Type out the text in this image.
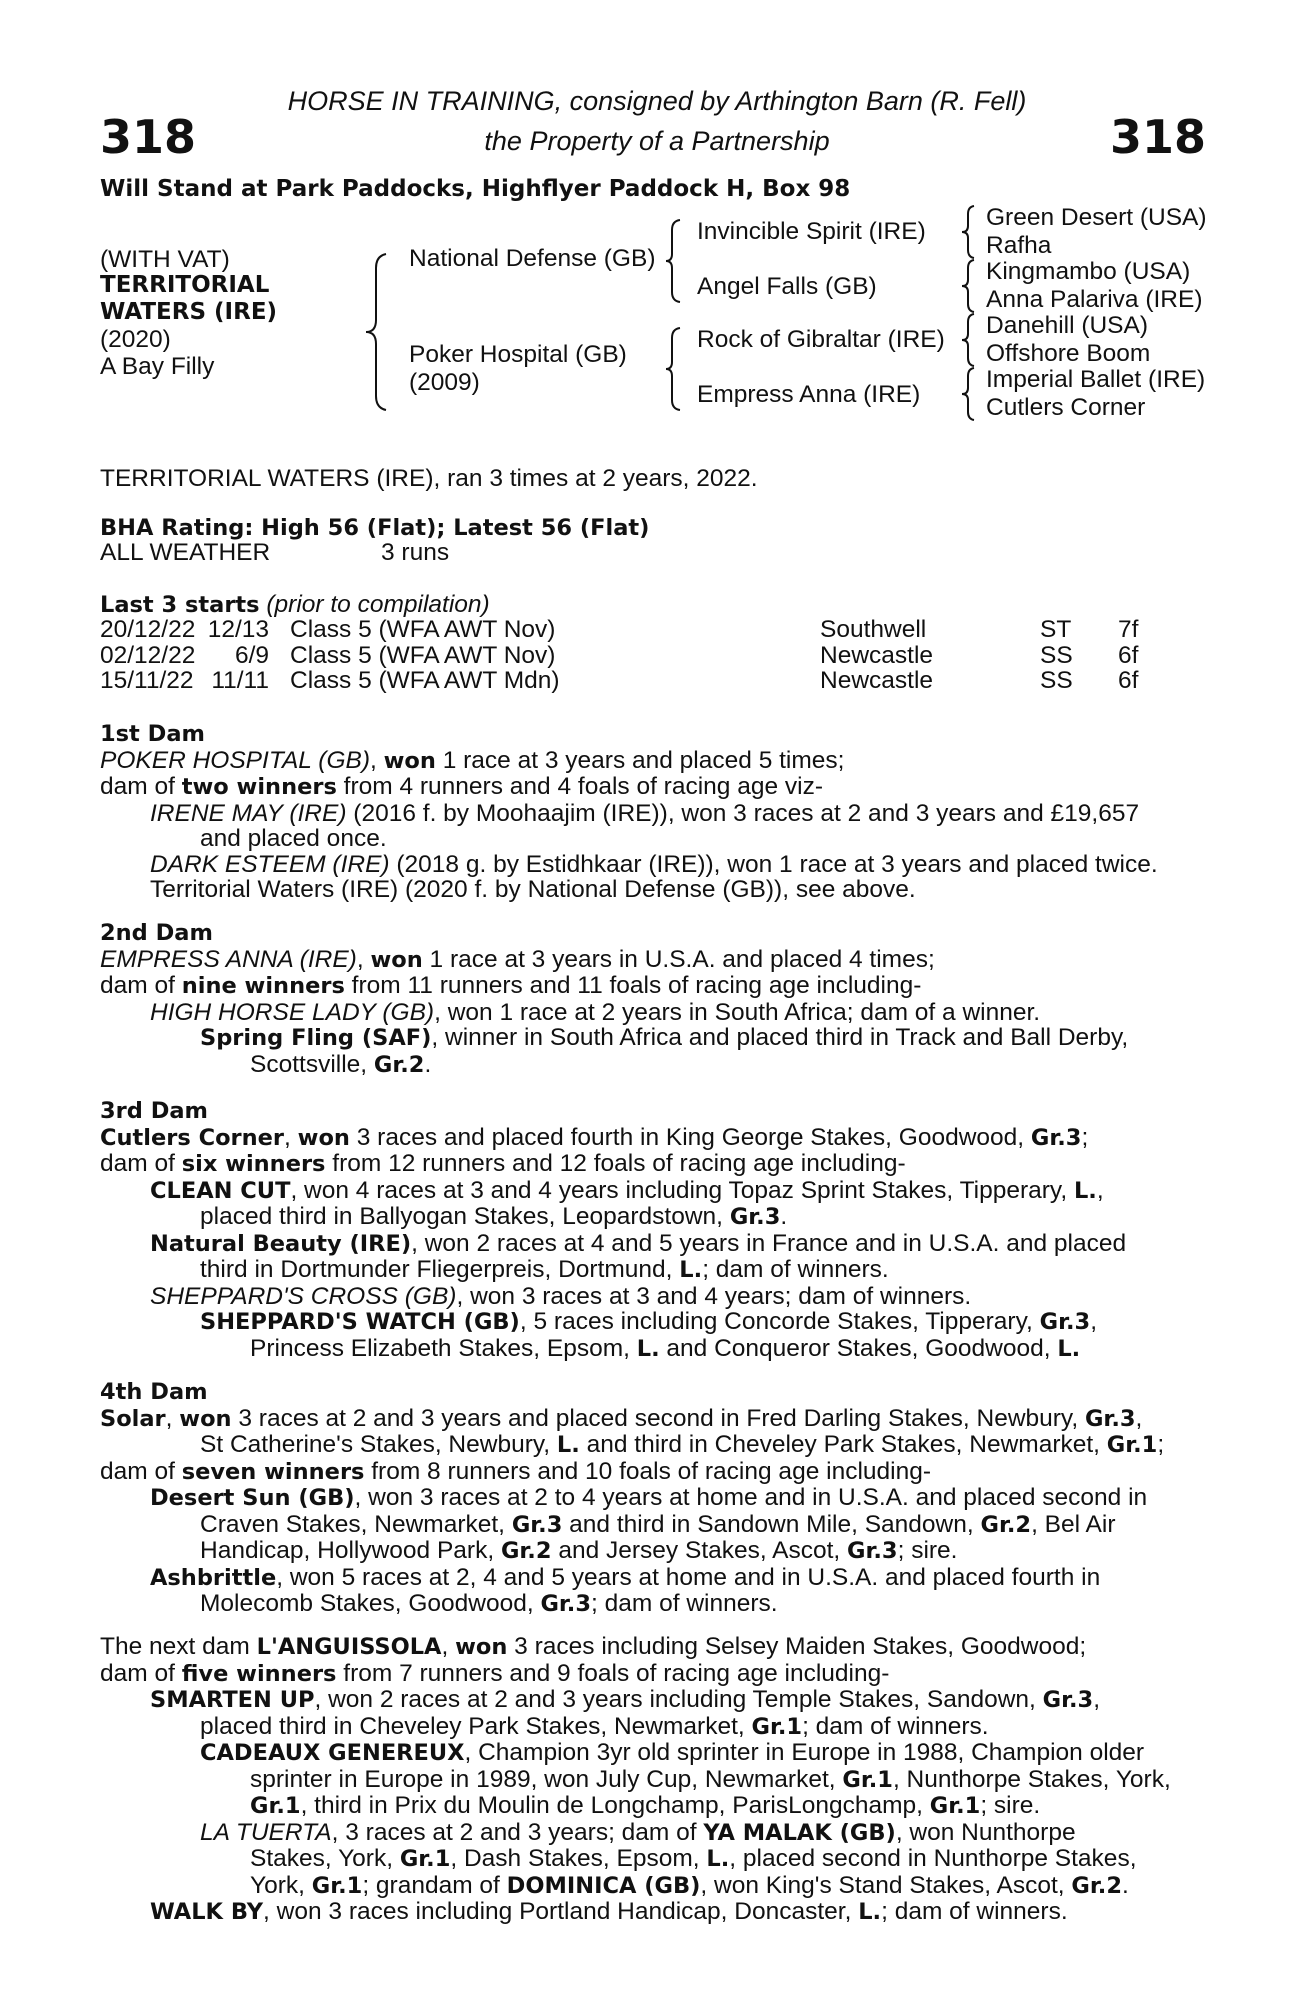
318	318
HORSE IN TRAINING, consigned by Arthington Barn (R. Fell)
the Property of a Partnership
Will Stand at Park Paddocks, Highflyer Paddock H, Box 98
(WITH VAT)
TERRITORIAL
WATERS (IRE)
(2020)
A Bay Filly
National Defense (GB)
Poker Hospital (GB)
(2009)
Invincible Spirit (IRE)
Angel Falls (GB)
Rock of Gibraltar (IRE)
Empress Anna (IRE)
Green Desert (USA)
Rafha
Kingmambo (USA)
Anna Palariva (IRE)
Danehill (USA)
Offshore Boom
Imperial Ballet (IRE)
Cutlers Corner
TERRITORIAL WATERS (IRE), ran 3 times at 2 years, 2022.
BHA Rating: High 56 (Flat); Latest 56 (Flat)
ALL WEATHER	3 runs
Last 3 starts (prior to compilation)
20/12/22 12/13 Class 5 (WFA AWT Nov)	Southwell	ST 7f
02/12/22 6/9 Class 5 (WFA AWT Nov)	Newcastle	SS 6f
15/11/22 11/11 Class 5 (WFA AWT Mdn)	Newcastle	SS 6f
1st Dam
POKER HOSPITAL (GB), won 1 race at 3 years and placed 5 times;
dam of two winners from 4 runners and 4 foals of racing age viz-
IRENE MAY (IRE) (2016 f. by Moohaajim (IRE)), won 3 races at 2 and 3 years and £19,657
and placed once.
DARK ESTEEM (IRE) (2018 g. by Estidhkaar (IRE)), won 1 race at 3 years and placed twice.
Territorial Waters (IRE) (2020 f. by National Defense (GB)), see above.
2nd Dam
EMPRESS ANNA (IRE), won 1 race at 3 years in U.S.A. and placed 4 times;
dam of nine winners from 11 runners and 11 foals of racing age including-
HIGH HORSE LADY (GB), won 1 race at 2 years in South Africa; dam of a winner.
Spring Fling (SAF), winner in South Africa and placed third in Track and Ball Derby,
Scottsville, Gr.2.
3rd Dam
Cutlers Corner, won 3 races and placed fourth in King George Stakes, Goodwood, Gr.3;
dam of six winners from 12 runners and 12 foals of racing age including-
CLEAN CUT, won 4 races at 3 and 4 years including Topaz Sprint Stakes, Tipperary, L.,
placed third in Ballyogan Stakes, Leopardstown, Gr.3.
Natural Beauty (IRE), won 2 races at 4 and 5 years in France and in U.S.A. and placed
third in Dortmunder Fliegerpreis, Dortmund, L.; dam of winners.
SHEPPARD'S CROSS (GB), won 3 races at 3 and 4 years; dam of winners.
SHEPPARD'S WATCH (GB), 5 races including Concorde Stakes, Tipperary, Gr.3,
Princess Elizabeth Stakes, Epsom, L. and Conqueror Stakes, Goodwood, L.
4th Dam
Solar, won 3 races at 2 and 3 years and placed second in Fred Darling Stakes, Newbury, Gr.3,
St Catherine's Stakes, Newbury, L. and third in Cheveley Park Stakes, Newmarket, Gr.1;
dam of seven winners from 8 runners and 10 foals of racing age including-
Desert Sun (GB), won 3 races at 2 to 4 years at home and in U.S.A. and placed second in
Craven Stakes, Newmarket, Gr.3 and third in Sandown Mile, Sandown, Gr.2, Bel Air
Handicap, Hollywood Park, Gr.2 and Jersey Stakes, Ascot, Gr.3; sire.
Ashbrittle, won 5 races at 2, 4 and 5 years at home and in U.S.A. and placed fourth in
Molecomb Stakes, Goodwood, Gr.3; dam of winners.
The next dam L'ANGUISSOLA, won 3 races including Selsey Maiden Stakes, Goodwood;
dam of five winners from 7 runners and 9 foals of racing age including-
SMARTEN UP, won 2 races at 2 and 3 years including Temple Stakes, Sandown, Gr.3,
placed third in Cheveley Park Stakes, Newmarket, Gr.1; dam of winners.
CADEAUX GENEREUX, Champion 3yr old sprinter in Europe in 1988, Champion older
sprinter in Europe in 1989, won July Cup, Newmarket, Gr.1, Nunthorpe Stakes, York,
Gr.1, third in Prix du Moulin de Longchamp, ParisLongchamp, Gr.1; sire.
LA TUERTA, 3 races at 2 and 3 years; dam of YA MALAK (GB), won Nunthorpe
Stakes, York, Gr.1, Dash Stakes, Epsom, L., placed second in Nunthorpe Stakes,
York, Gr.1; grandam of DOMINICA (GB), won King's Stand Stakes, Ascot, Gr.2.
WALK BY, won 3 races including Portland Handicap, Doncaster, L.; dam of winners.
